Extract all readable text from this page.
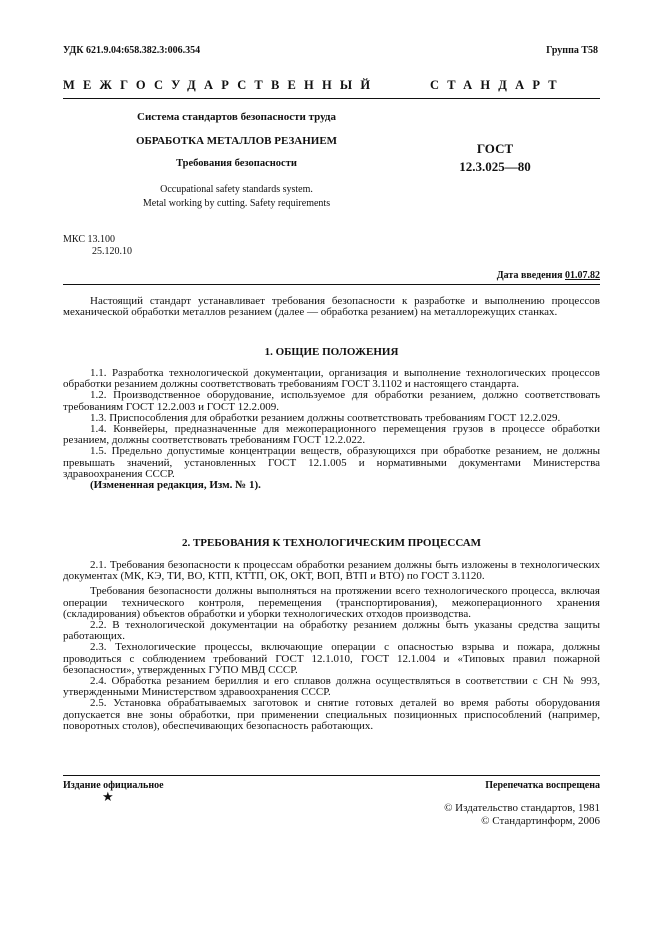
УДК 621.9.04:658.382.3:006.354	Группа Т58
МЕЖГОСУДАРСТВЕННЫЙ	СТАНДАРТ
Система стандартов безопасности труда
ОБРАБОТКА МЕТАЛЛОВ РЕЗАНИЕМ
Требования безопасности
Occupational safety standards system.
Metal working by cutting. Safety requirements
ГОСТ
12.3.025—80
МКС 13.100
25.120.10
Дата введения 01.07.82

Настоящий стандарт устанавливает требования безопасности к разработке и выполнению процессов механической обработки металлов резанием (далее — обработка резанием) на металлорежущих станках.

1. ОБЩИЕ ПОЛОЖЕНИЯ

1.1. Разработка технологической документации, организация и выполнение технологических процессов обработки резанием должны соответствовать требованиям ГОСТ 3.1102 и настоящего стандарта.

1.2. Производственное оборудование, используемое для обработки резанием, должно соответствовать требованиям ГОСТ 12.2.003 и ГОСТ 12.2.009.

1.3. Приспособления для обработки резанием должны соответствовать требованиям ГОСТ 12.2.029.

1.4. Конвейеры, предназначенные для межоперационного перемещения грузов в процессе обработки резанием, должны соответствовать требованиям ГОСТ 12.2.022.

1.5. Предельно допустимые концентрации веществ, образующихся при обработке резанием, не должны превышать значений, установленных ГОСТ 12.1.005 и нормативными документами Министерства здравоохранения СССР.

(Измененная редакция, Изм. № 1).

2. ТРЕБОВАНИЯ К ТЕХНОЛОГИЧЕСКИМ ПРОЦЕССАМ

2.1. Требования безопасности к процессам обработки резанием должны быть изложены в технологических документах (МК, КЭ, ТИ, ВО, КТП, КТТП, ОК, ОКТ, ВОП, ВТП и ВТО) по ГОСТ 3.1120.

Требования безопасности должны выполняться на протяжении всего технологического процесса, включая операции технического контроля, перемещения (транспортирования), межоперационного хранения (складирования) объектов обработки и уборки технологических отходов производства.

2.2. В технологической документации на обработку резанием должны быть указаны средства защиты работающих.

2.3. Технологические процессы, включающие операции с опасностью взрыва и пожара, должны проводиться с соблюдением требований ГОСТ 12.1.010, ГОСТ 12.1.004 и «Типовых правил пожарной безопасности», утвержденных ГУПО МВД СССР.

2.4. Обработка резанием бериллия и его сплавов должна осуществляться в соответствии с СН № 993, утвержденными Министерством здравоохранения СССР.

2.5. Установка обрабатываемых заготовок и снятие готовых деталей во время работы оборудования допускается вне зоны обработки, при применении специальных позиционных приспособлений (например, поворотных столов), обеспечивающих безопасность работающих.

Издание официальное	Перепечатка воспрещена
★
© Издательство стандартов, 1981
© Стандартинформ, 2006
